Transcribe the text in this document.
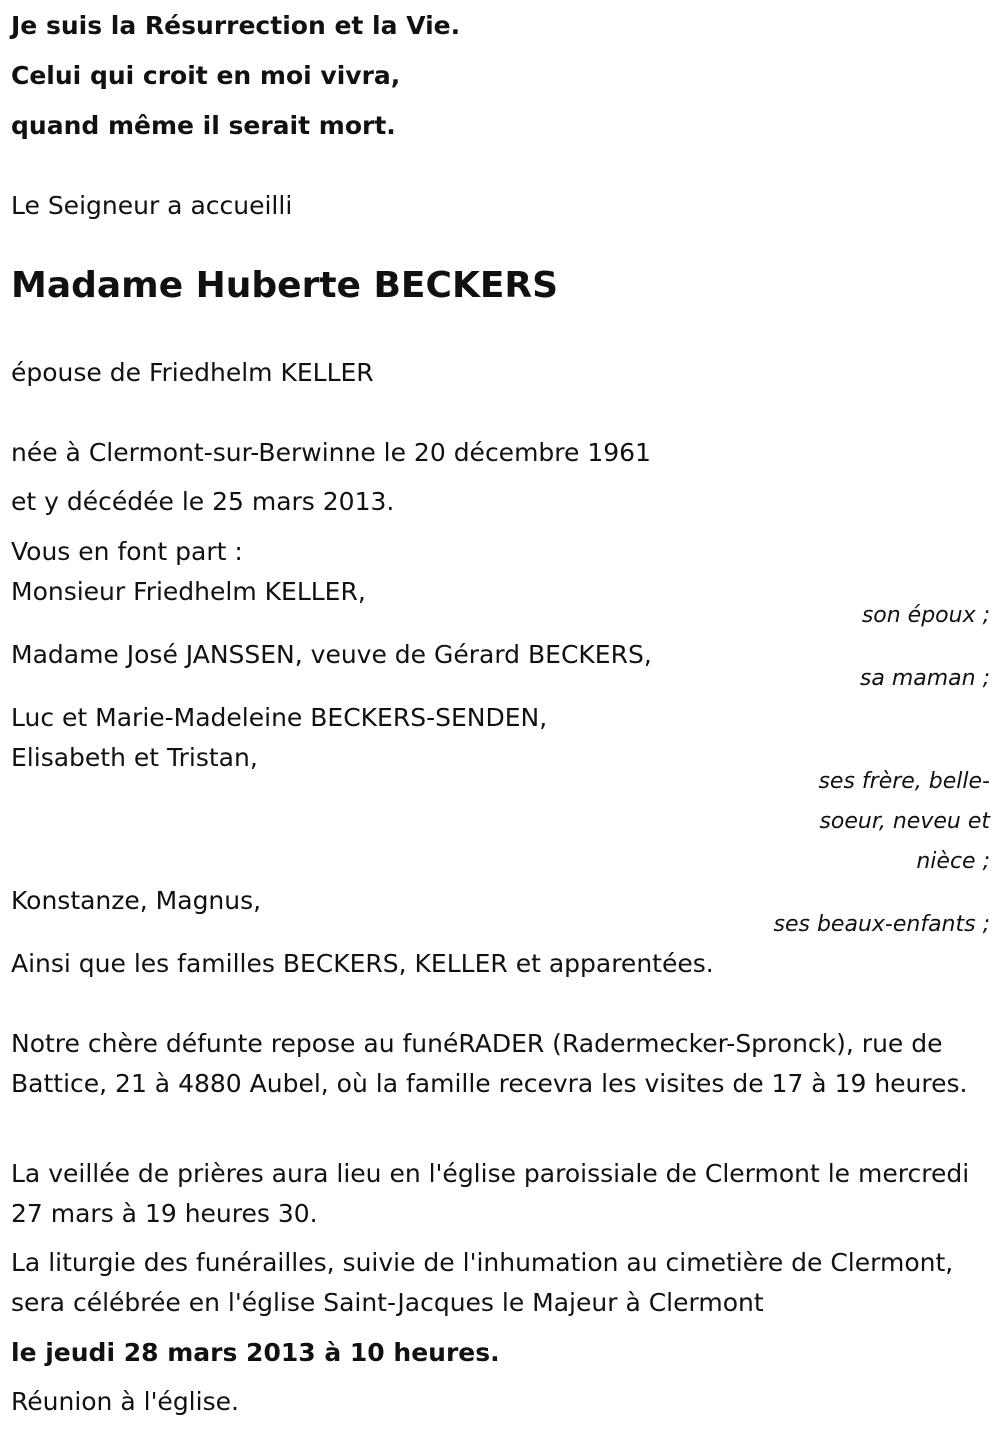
Je suis la Résurrection et la Vie.
Celui qui croit en moi vivra,
quand même il serait mort.
Le Seigneur a accueilli
Madame Huberte BECKERS
épouse de Friedhelm KELLER
née à Clermont-sur-Berwinne le 20 décembre 1961
et y décédée le 25 mars 2013.
Vous en font part :
Monsieur Friedhelm KELLER,
son époux ;
Madame José JANSSEN, veuve de Gérard BECKERS,
sa maman ;
Luc et Marie-Madeleine BECKERS-SENDEN,
Elisabeth et Tristan,
ses frère, belle-
soeur, neveu et
nièce ;
Konstanze, Magnus,
ses beaux-enfants ;
Ainsi que les familles BECKERS, KELLER et apparentées.
Notre chère défunte repose au funéRADER (Radermecker-Spronck), rue de Battice, 21 à 4880 Aubel, où la famille recevra les visites de 17 à 19 heures.
La veillée de prières aura lieu en l'église paroissiale de Clermont le mercredi 27 mars à 19 heures 30.
La liturgie des funérailles, suivie de l'inhumation au cimetière de Clermont, sera célébrée en l'église Saint-Jacques le Majeur à Clermont
le jeudi 28 mars 2013 à 10 heures.
Réunion à l'église.
